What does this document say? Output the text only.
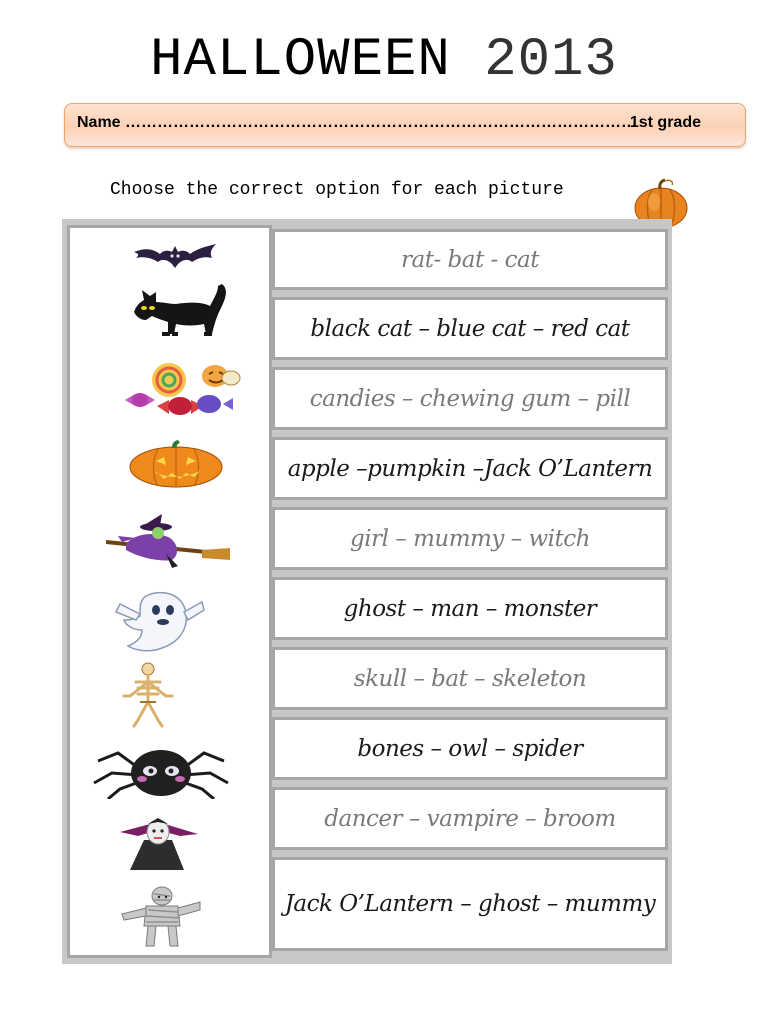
HALLOWEEN 2013
Name ……………………………………………………………………………………
1st grade
Choose the correct option for each picture
rat- bat - cat
black cat – blue cat – red cat
candies – chewing gum – pill
apple –pumpkin –Jack O’Lantern
girl – mummy – witch
ghost – man – monster
skull – bat – skeleton
bones – owl – spider
dancer – vampire – broom
Jack O’Lantern – ghost – mummy
